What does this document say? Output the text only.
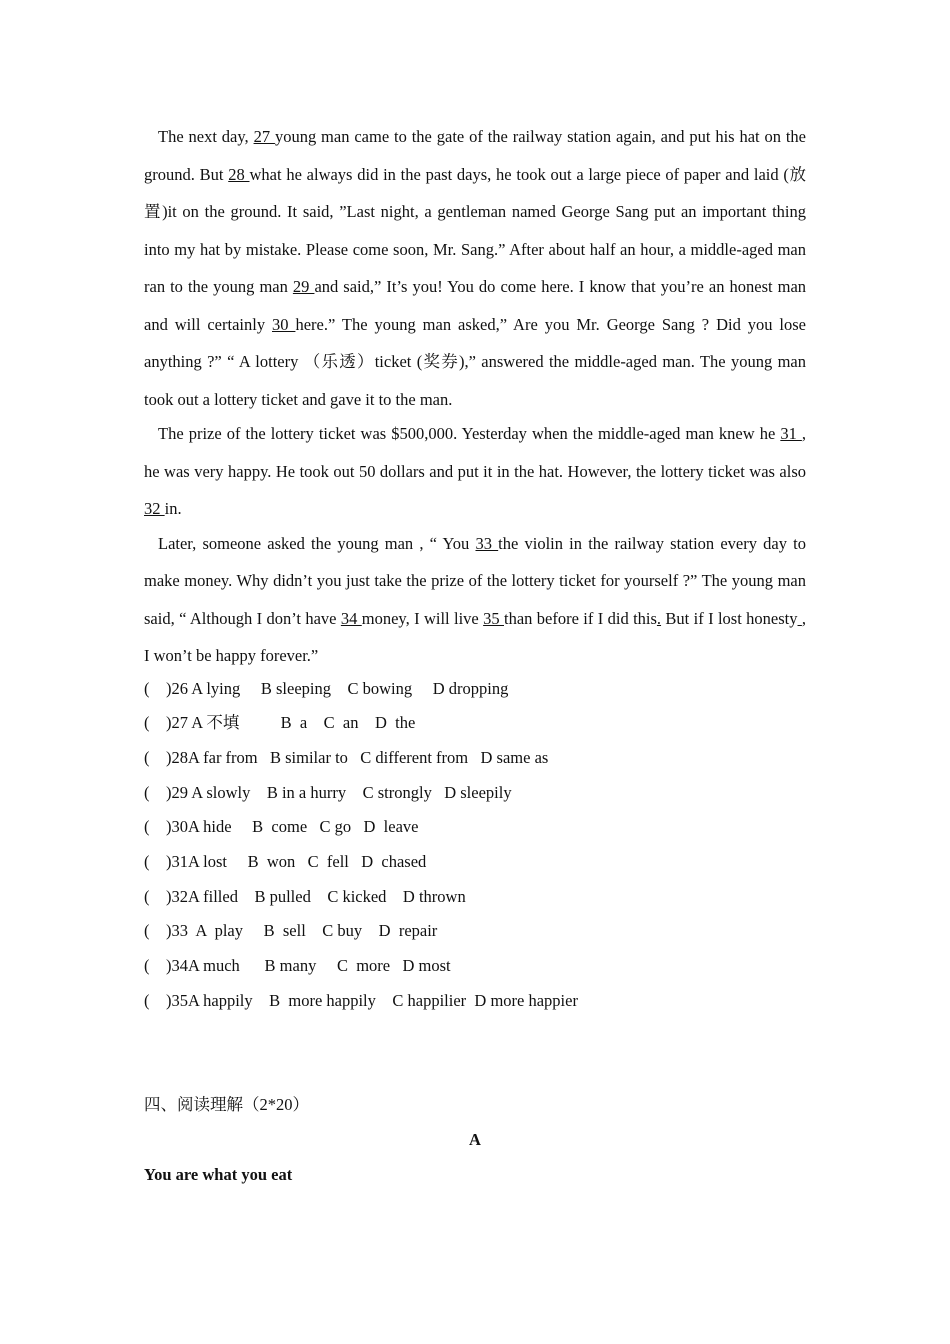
The next day, 27 young man came to the gate of the railway station again, and put his hat on the ground. But 28 what he always did in the past days, he took out a large piece of paper and laid (放置)it on the ground. It said, ”Last night, a gentleman named George Sang put an important thing into my hat by mistake. Please come soon, Mr. Sang.” After about half an hour, a middle-aged man ran to the young man 29 and said,” It’s you! You do come here. I know that you’re an honest man and will certainly 30 here.” The young man asked,” Are you Mr. George Sang ? Did you lose anything ?” “ A lottery （乐透）ticket (奖券),” answered the middle-aged man. The young man took out a lottery ticket and gave it to the man.

The prize of the lottery ticket was $500,000. Yesterday when the middle-aged man knew he 31 , he was very happy. He took out 50 dollars and put it in the hat. However, the lottery ticket was also 32 in.

Later, someone asked the young man , “ You 33 the violin in the railway station every day to make money. Why didn’t you just take the prize of the lottery ticket for yourself ?” The young man said, “ Although I don’t have 34 money, I will live 35 than before if I did this. But if I lost honesty , I won’t be happy forever.”

(    )26 A lying     B sleeping    C bowing     D dropping
(    )27 A 不填          B  a    C  an    D  the
(    )28A far from   B similar to   C different from   D same as
(    )29 A slowly    B in a hurry    C strongly   D sleepily
(    )30A hide     B  come   C go   D  leave
(    )31A lost     B  won   C  fell   D  chased
(    )32A filled    B pulled    C kicked    D thrown
(    )33  A  play     B  sell    C buy    D  repair
(    )34A much      B many     C  more   D most
(    )35A happily    B  more happily    C happilier  D more happier
四、阅读理解（2*20）
A
You are what you eat
